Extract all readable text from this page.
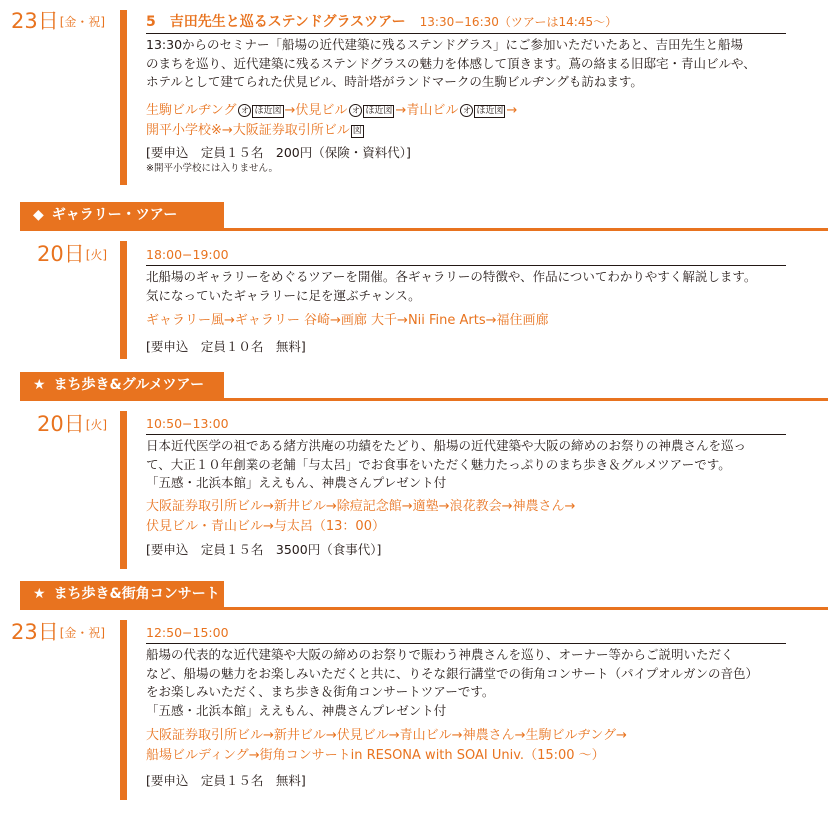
23日[金・祝]	5　 吉田先生と巡るステンドグラスツアー 13:30−16:30（ツアーは14:45〜）
13:30からのセミナー「船場の近代建築に残るステンドグラス」にご参加いただいたあと、吉田先生と船場
のまちを巡り、近代建築に残るステンドグラスの魅力を体感して頂きます。蔦の絡まる旧邸宅・青山ビルや、
ホテルとして建てられた伏見ビル、時計塔がランドマークの生駒ビルヂングも訪ねます。
生駒ビルヂング オ ほ近図 →伏見ビル オ ほ近図 →青山ビル オ ほ近図 →
開平小学校※→大阪証券取引所ビル 図
[要申込　定員１５名　200円（保険・資料代）]
※開平小学校には入りません。
◆ ギャラリー・ツアー
20日[火]	18:00−19:00
北船場のギャラリーをめぐるツアーを開催。各ギャラリーの特徴や、作品についてわかりやすく解説します。
気になっていたギャラリーに足を運ぶチャンス。
ギャラリー風→ギャラリー 谷崎→画廊 大千→Nii Fine Arts→福住画廊
[要申込　定員１０名　無料]
★ まち歩き&グルメツアー
20日[火]	10:50−13:00
日本近代医学の祖である緒方洪庵の功績をたどり、船場の近代建築や大阪の締めのお祭りの神農さんを巡っ
て、大正１０年創業の老舗「与太呂」でお食事をいただく魅力たっぷりのまち歩き＆グルメツアーです。
「五感・北浜本館」ええもん、神農さんプレゼント付
大阪証券取引所ビル→新井ビル→除痘記念館→適塾→浪花教会→神農さん→
伏見ビル・青山ビル→与太呂（13：00）
[要申込　定員１５名　3500円（食事代）]
★ まち歩き&街角コンサート
23日[金・祝]	12:50−15:00
船場の代表的な近代建築や大阪の締めのお祭りで賑わう神農さんを巡り、オーナー等からご説明いただく
など、船場の魅力をお楽しみいただくと共に、りそな銀行講堂での街角コンサート（パイプオルガンの音色）
をお楽しみいただく、まち歩き＆街角コンサートツアーです。
「五感・北浜本館」ええもん、神農さんプレゼント付
大阪証券取引所ビル→新井ビル→伏見ビル→青山ビル→神農さん→生駒ビルヂング→
船場ビルディング→街角コンサートin RESONA with SOAI Univ.（15:00 〜）
[要申込　定員１５名　無料]
